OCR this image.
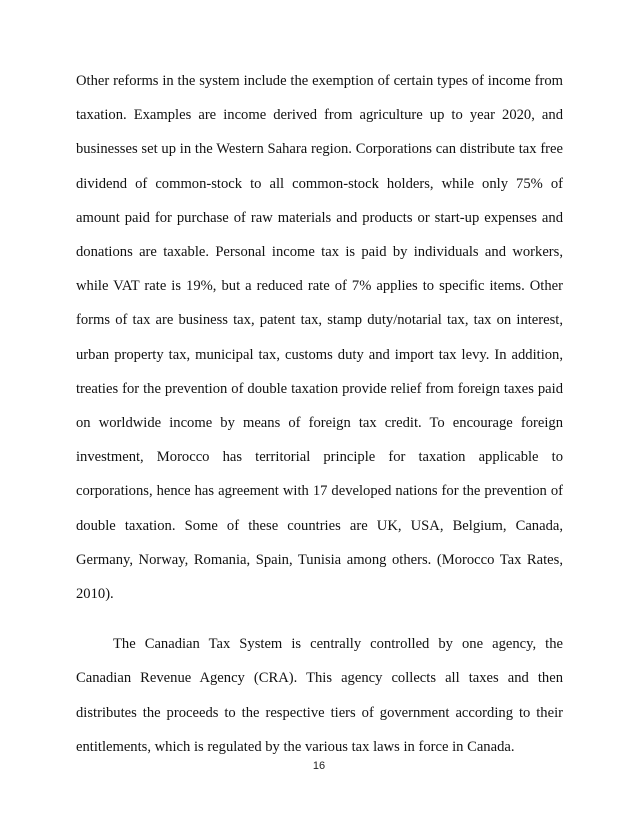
Other reforms in the system include the exemption of certain types of income from
taxation. Examples are income derived from agriculture up to year 2020, and
businesses set up in the Western Sahara region. Corporations can distribute tax free
dividend of common-stock to all common-stock holders, while only 75% of
amount paid for purchase of raw materials and products or start-up expenses and
donations are taxable. Personal income tax is paid by individuals and workers,
while VAT rate is 19%, but a reduced rate of 7% applies to specific items. Other
forms of tax are business tax, patent tax, stamp duty/notarial tax, tax on interest,
urban property tax, municipal tax, customs duty and import tax levy. In addition,
treaties for the prevention of double taxation provide relief from foreign taxes paid
on worldwide income by means of foreign tax credit. To encourage foreign
investment, Morocco has territorial principle for taxation applicable to
corporations, hence has agreement with 17 developed nations for the prevention of
double taxation. Some of these countries are UK, USA, Belgium, Canada,
Germany, Norway, Romania, Spain, Tunisia among others. (Morocco Tax Rates,
2010).

The Canadian Tax System is centrally controlled by one agency, the
Canadian Revenue Agency (CRA). This agency collects all taxes and then
distributes the proceeds to the respective tiers of government according to their
entitlements, which is regulated by the various tax laws in force in Canada.

16
